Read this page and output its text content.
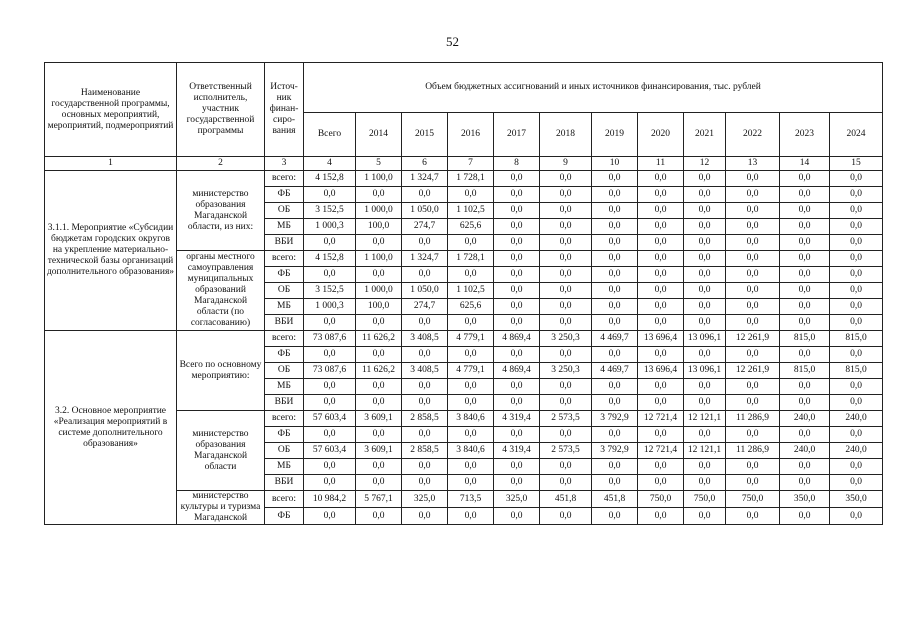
52
Наименование государственной программы, основных мероприятий, мероприятий, подмероприятий	Ответственный исполнитель, участник государственной программы	Источ-ник финан-сиро-вания	Объем бюджетных ассигнований и иных источников финансирования, тыс. рублей											
			Всего	2014	2015	2016	2017	2018	2019	2020	2021	2022	2023	2024
1	2	3	4	5	6	7	8	9	10	11	12	13	14	15
3.1.1. Мероприятие «Субсидии бюджетам городских округов на укрепление материально-технической базы организаций дополнительного образования»	министерство образования Магаданской области, из них:	всего:	4 152,8	1 100,0	1 324,7	1 728,1	0,0	0,0	0,0	0,0	0,0	0,0	0,0	0,0
		ФБ	0,0	0,0	0,0	0,0	0,0	0,0	0,0	0,0	0,0	0,0	0,0	0,0
		ОБ	3 152,5	1 000,0	1 050,0	1 102,5	0,0	0,0	0,0	0,0	0,0	0,0	0,0	0,0
		МБ	1 000,3	100,0	274,7	625,6	0,0	0,0	0,0	0,0	0,0	0,0	0,0	0,0
		ВБИ	0,0	0,0	0,0	0,0	0,0	0,0	0,0	0,0	0,0	0,0	0,0	0,0
	органы местного самоуправления муниципальных образований Магаданской области (по согласованию)	всего:	4 152,8	1 100,0	1 324,7	1 728,1	0,0	0,0	0,0	0,0	0,0	0,0	0,0	0,0
		ФБ	0,0	0,0	0,0	0,0	0,0	0,0	0,0	0,0	0,0	0,0	0,0	0,0
		ОБ	3 152,5	1 000,0	1 050,0	1 102,5	0,0	0,0	0,0	0,0	0,0	0,0	0,0	0,0
		МБ	1 000,3	100,0	274,7	625,6	0,0	0,0	0,0	0,0	0,0	0,0	0,0	0,0
		ВБИ	0,0	0,0	0,0	0,0	0,0	0,0	0,0	0,0	0,0	0,0	0,0	0,0
3.2. Основное мероприятие «Реализация мероприятий в системе дополнительного образования»	Всего по основному мероприятию:	всего:	73 087,6	11 626,2	3 408,5	4 779,1	4 869,4	3 250,3	4 469,7	13 696,4	13 096,1	12 261,9	815,0	815,0
		ФБ	0,0	0,0	0,0	0,0	0,0	0,0	0,0	0,0	0,0	0,0	0,0	0,0
		ОБ	73 087,6	11 626,2	3 408,5	4 779,1	4 869,4	3 250,3	4 469,7	13 696,4	13 096,1	12 261,9	815,0	815,0
		МБ	0,0	0,0	0,0	0,0	0,0	0,0	0,0	0,0	0,0	0,0	0,0	0,0
		ВБИ	0,0	0,0	0,0	0,0	0,0	0,0	0,0	0,0	0,0	0,0	0,0	0,0
	министерство образования Магаданской области	всего:	57 603,4	3 609,1	2 858,5	3 840,6	4 319,4	2 573,5	3 792,9	12 721,4	12 121,1	11 286,9	240,0	240,0
		ФБ	0,0	0,0	0,0	0,0	0,0	0,0	0,0	0,0	0,0	0,0	0,0	0,0
		ОБ	57 603,4	3 609,1	2 858,5	3 840,6	4 319,4	2 573,5	3 792,9	12 721,4	12 121,1	11 286,9	240,0	240,0
		МБ	0,0	0,0	0,0	0,0	0,0	0,0	0,0	0,0	0,0	0,0	0,0	0,0
		ВБИ	0,0	0,0	0,0	0,0	0,0	0,0	0,0	0,0	0,0	0,0	0,0	0,0
	министерство культуры и туризма Магаданской	всего:	10 984,2	5 767,1	325,0	713,5	325,0	451,8	451,8	750,0	750,0	750,0	350,0	350,0
		ФБ	0,0	0,0	0,0	0,0	0,0	0,0	0,0	0,0	0,0	0,0	0,0	0,0
